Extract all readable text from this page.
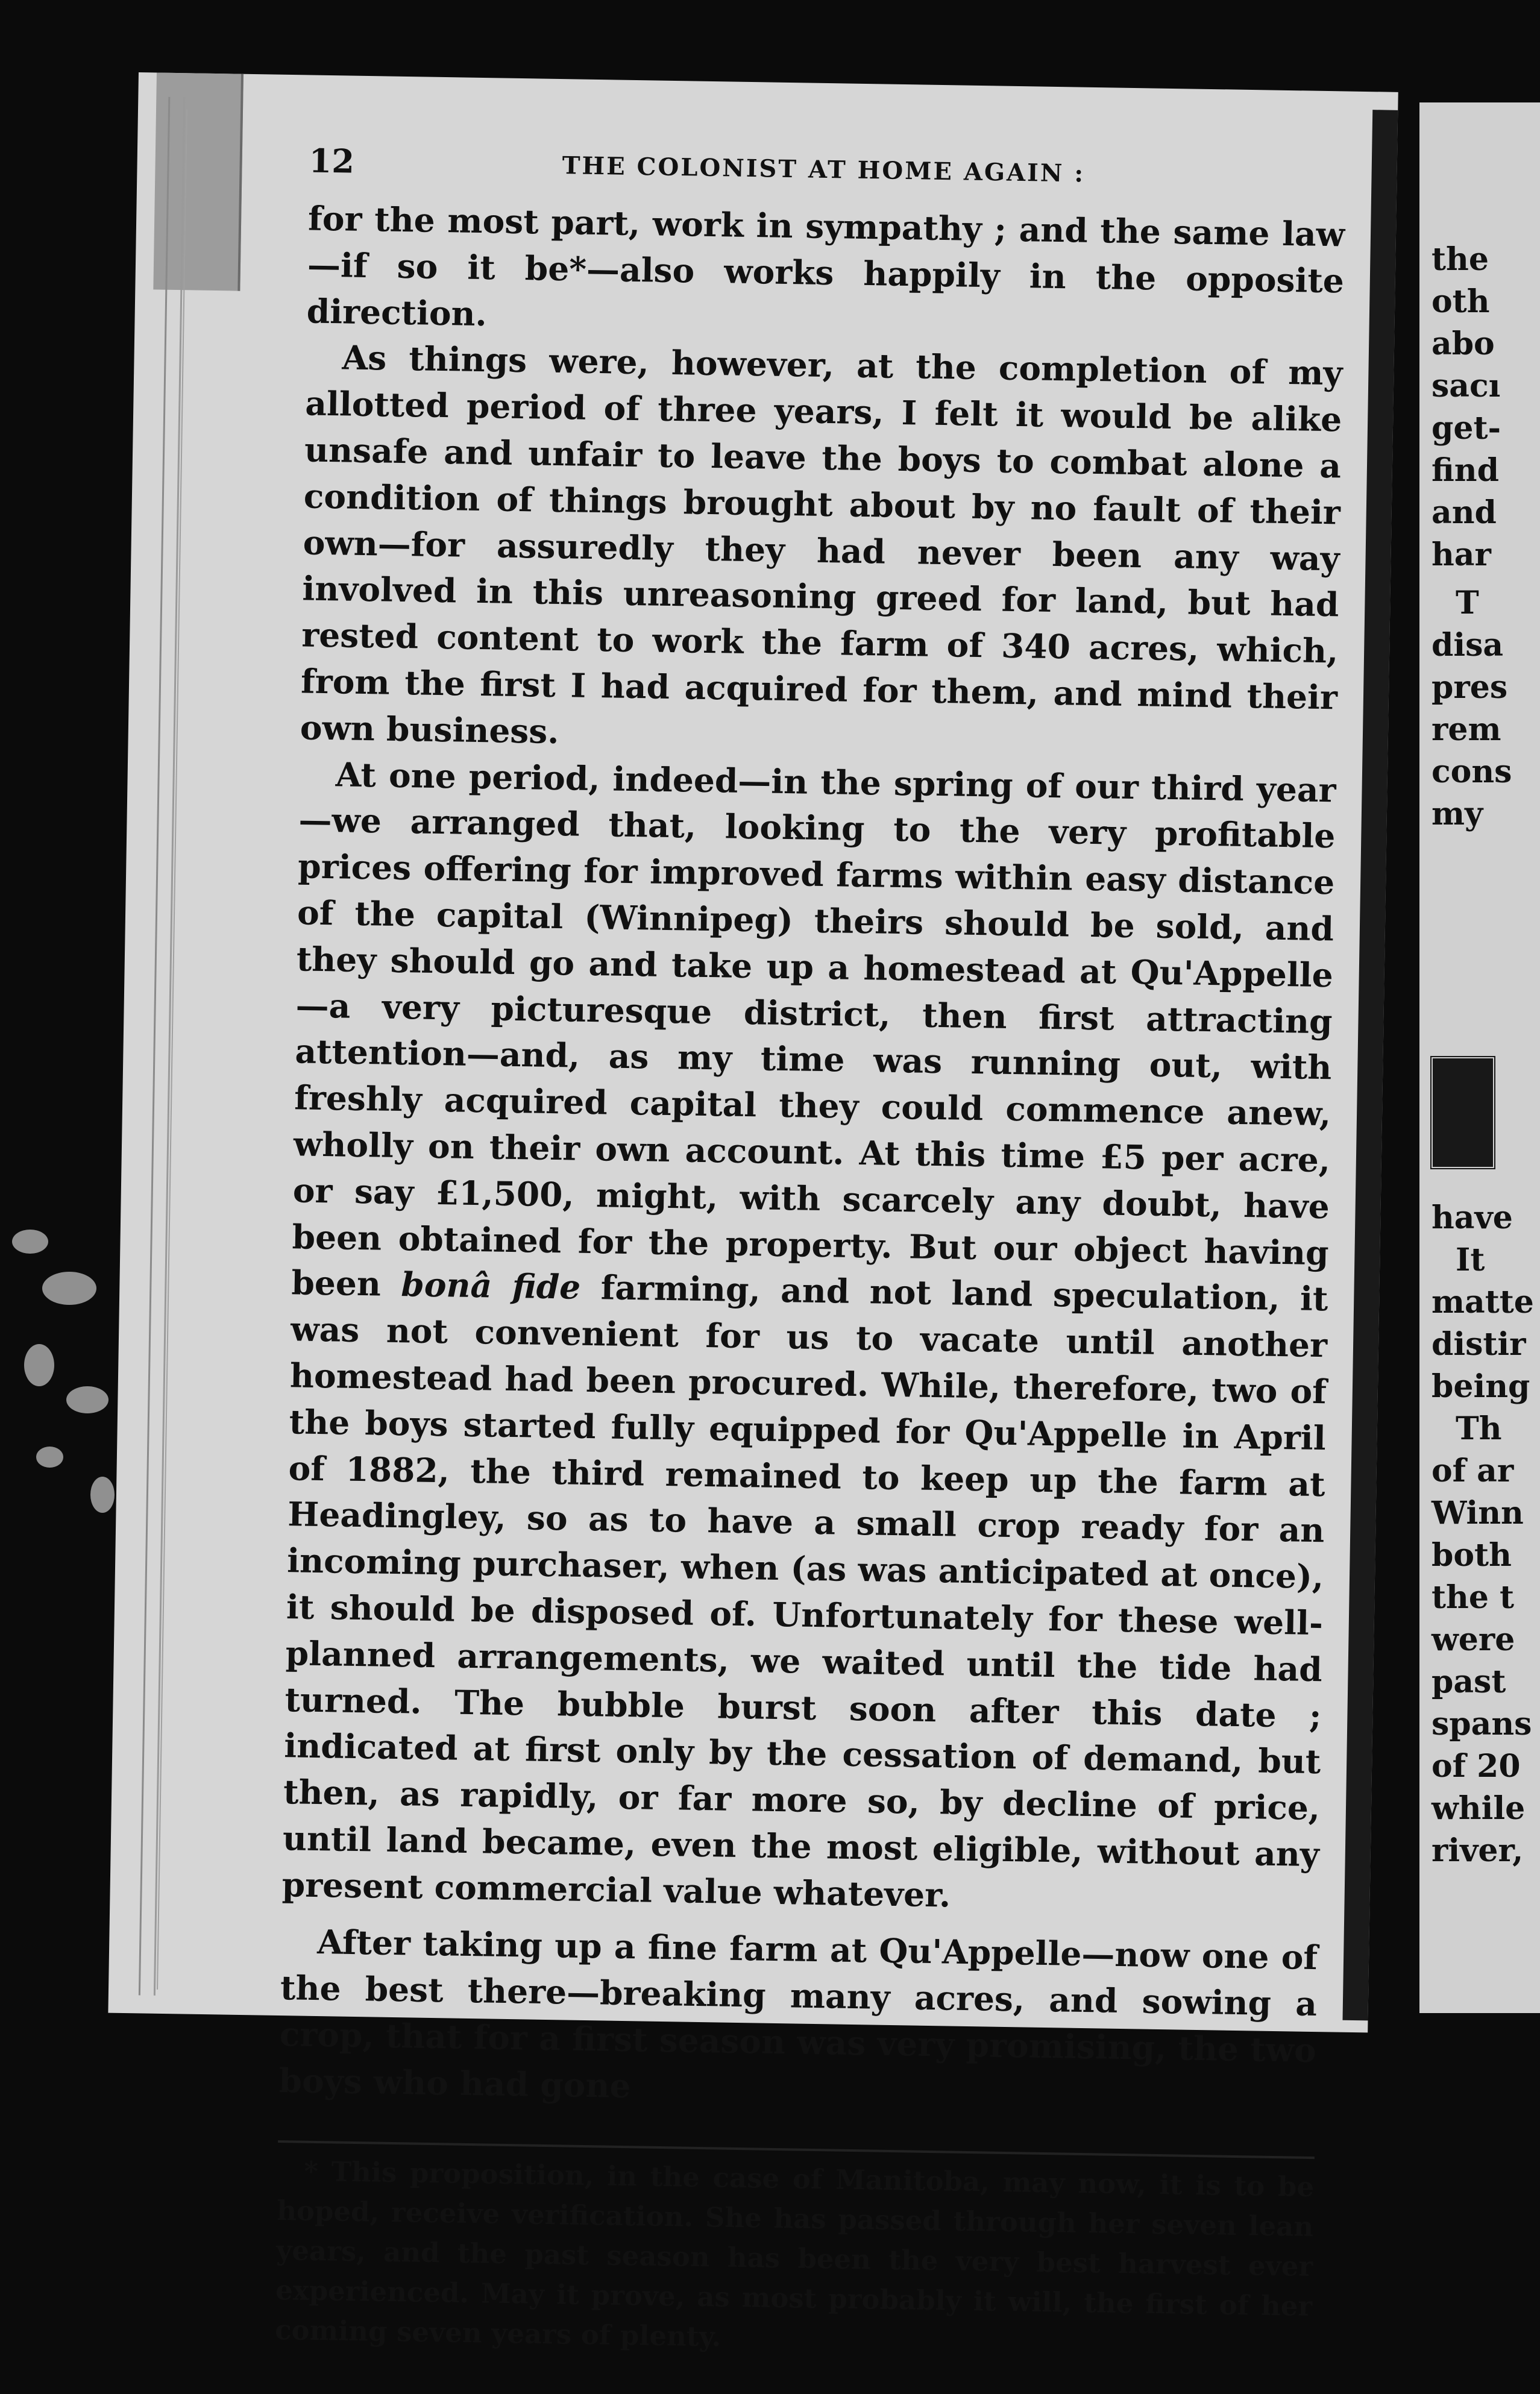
12	THE COLONIST AT HOME AGAIN :

for the most part, work in sympathy ; and the same law—if so it be*—also works happily in the opposite direction.

As things were, however, at the completion of my allotted period of three years, I felt it would be alike unsafe and unfair to leave the boys to combat alone a condition of things brought about by no fault of their own—for assuredly they had never been any way involved in this unreasoning greed for land, but had rested content to work the farm of 340 acres, which, from the first I had acquired for them, and mind their own business.

At one period, indeed—in the spring of our third year—we arranged that, looking to the very profitable prices offering for improved farms within easy distance of the capital (Winnipeg) theirs should be sold, and they should go and take up a homestead at Qu'Appelle—a very picturesque district, then first attracting attention—and, as my time was running out, with freshly acquired capital they could commence anew, wholly on their own account. At this time £5 per acre, or say £1,500, might, with scarcely any doubt, have been obtained for the property. But our object having been bonâ fide farming, and not land speculation, it was not convenient for us to vacate until another homestead had been procured. While, therefore, two of the boys started fully equipped for Qu'Appelle in April of 1882, the third remained to keep up the farm at Headingley, so as to have a small crop ready for an incoming purchaser, when (as was anticipated at once), it should be disposed of. Unfortunately for these well-planned arrangements, we waited until the tide had turned. The bubble burst soon after this date ; indicated at first only by the cessation of demand, but then, as rapidly, or far more so, by decline of price, until land became, even the most eligible, without any present commercial value whatever.

After taking up a fine farm at Qu'Appelle—now one of the best there—breaking many acres, and sowing a crop, that for a first season was very promising, the two boys who had gone

* This proposition, in the case of Manitoba, may now, it is to be hoped, receive verification. She has passed through her seven lean years, and the past season has been the very best harvest ever experienced. May it prove, as most probably it will, the first of her coming seven years of plenty.

the
oth
abo
sacı
get-
find
and
har
T
disa
pres
rem
cons
my
have
It
matte
distir
being
Th
of ar
Winn
both
the t
were
past
spans
of 20
while
river,
